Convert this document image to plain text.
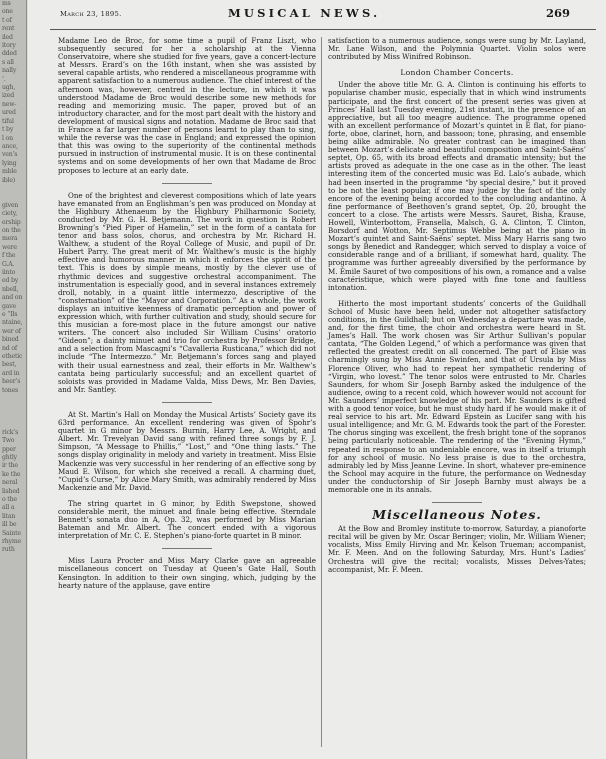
ms
one
t of
rent
iled
itory
dded
s all
nally
’.
ugh,
ized
new-
ured
tiful
t by
l on
ance,
ven’s
lying
mble
ible)

given
ciety,
ership
on the
mera
were
f the
G.A.
iinto
ed by
nbell,
and on
gave
e “Ils
ntaine,
wer of
bined
nd of
ethetic
best,
ard in
heer’s
tones

rick’s
Two
pper
ghtly
ir the
ke the
neral
lished
o the
all a
litan
ill be
Sainte
rhyme
ruth
March 23, 1895.	MUSICAL NEWS.	269

Madame Leo de Broc, for some time a pupil of Franz Liszt, who subsequently secured for her a scholarship at the Vienna Conservatoire, where she studied for five years, gave a concert-lecture at Messrs. Erard’s on the 16th instant, when she was assisted by several capable artists, who rendered a miscellaneous programme with apparent satisfaction to a numerous audience. The chief interest of the afternoon was, however, centred in the lecture, in which it was understood Madame de Broc would describe some new methods for reading and memorizing music. The paper, proved but of an introductory character, and for the most part dealt with the history and development of musical signs and notation. Madame de Broc said that in France a far larger number of persons learnt to play than to sing, while the reverse was the case in England; and expressed the opinion that this was owing to the superiority of the continental methods pursued in instruction of instrumental music. It is on these continental systems and on some developments of her own that Madame de Broc proposes to lecture at an early date.

One of the brightest and cleverest compositions which of late years have emanated from an Englishman’s pen was produced on Monday at the Highbury Athenaeum by the Highbury Philharmonic Society, conducted by Mr. G. H. Betjemann. The work in question is Robert Browning’s “Pied Piper of Hamelin,” set in the form of a cantata for tenor and bass solos, chorus, and orchestra by Mr. Richard H. Walthew, a student of the Royal College of Music, and pupil of Dr. Hubert Parry. The great merit of Mr. Walthew’s music is the highly effective and humorous manner in which it enforces the spirit of the text. This is does by simple means, mostly by the clever use of rhythmic devices and suggestive orchestral accompaniment. The instrumentation is especially good, and in several instances extremely droll, notably, in a quaint little intermezzo, descriptive of the “consternation” of the “Mayor and Corporation.” As a whole, the work displays an intuitive keenness of dramatic perception and power of expression which, with further cultivation and study, should secure for this musician a fore-most place in the future amongst our native writers. The concert also included Sir William Cusins’ oratorio “Gideon”; a dainty minuet and trio for orchestra by Professor Bridge, and a selection from Mascagni’s “Cavalleria Rusticana,” which did not include “The Intermezzo.” Mr. Betjemann’s forces sang and played with their usual earnestness and zeal, their efforts in Mr. Walthew’s cantata being particularly successful; and an excellent quartet of soloists was provided in Madame Valda, Miss Dews, Mr. Ben Davies, and Mr. Santley.

At St. Martin’s Hall on Monday the Musical Artists’ Society gave its 63rd performance. An excellent rendering was given of Spohr’s quartet in G minor by Messrs. Burnin, Harry Lee, A. Wright, and Albert. Mr. Trevelyan David sang with refined three songs by F. J. Simpson, “A Message to Phillis,” “Lost,” and “One thing lasts.” The songs display originality in melody and variety in treatment. Miss Elsie Mackenzie was very successful in her rendering of an effective song by Maud E. Wilson, for which she received a recall. A charming duet, “Cupid’s Curse,” by Alice Mary Smith, was admirably rendered by Miss Mackenzie and Mr. David.

The string quartet in G minor, by Edith Swepstone, showed considerable merit, the minuet and finale being effective. Sterndale Bennett’s sonata duo in A, Op. 32, was performed by Miss Marian Bateman and Mr. Albert. The concert ended with a vigorous interpretation of Mr. C. E. Stephen’s piano-forte quartet in B minor.

Miss Laura Procter and Miss Mary Clarke gave an agreeable miscellaneous concert on Tuesday at Queen’s Gate Hall, South Kensington. In addition to their own singing, which, judging by the hearty nature of the applause, gave entire

satisfaction to a numerous audience, songs were sung by Mr. Layland, Mr. Lane Wilson, and the Polymnia Quartet. Violin solos were contributed by Miss Winifred Robinson.

London Chamber Concerts.

Under the above title Mr. G. A. Clinton is continuing his efforts to popularise chamber music, especially that in which wind instruments participate, and the first concert of the present series was given at Princes’ Hall last Tuesday evening, 21st instant, in the presence of an appreciative, but all too meagre audience. The programme opened with an excellent performance of Mozart’s quintet in E flat, for piano-forte, oboe, clarinet, horn, and bassoon; tone, phrasing, and ensemble being alike admirable. No greater contrast can be imagined than between Mozart’s delicate and beautiful composition and Saint-Saëns’ septet, Op. 65, with its broad effects and dramatic intensity; but the artists proved as adequate in the one case as in the other. The least interesting item of the concerted music was Ed. Lalo’s aubade, which had been inserted in the programme “by special desire,” but it proved to be not the least popular, if one may judge by the fact of the only encore of the evening being accorded to the concluding andantino. A fine performance of Beethoven’s grand septet, Op. 20, brought the concert to a close. The artists were Messrs. Sauret, Bisha, Krause, Howell, Winterbottom, Fransella, Malsch, G. A. Clinton, T. Clinton, Borsdorf and Wotton, Mr. Septimus Webbe being at the piano in Mozart’s quintet and Saint-Saëns’ septet. Miss Mary Harris sang two songs by Benedict and Randegger, which served to display a voice of considerable range and of a brilliant, if somewhat hard, quality. The programme was further agreeably diversified by the performance by M. Émile Sauret of two compositions of his own, a romance and a valse caractéristique, which were played with fine tone and faultless intonation.

Hitherto the most important students’ concerts of the Guildhall School of Music have been held, under not altogether satisfactory conditions, in the Guildhall; but on Wednesday a departure was made, and, for the first time, the choir and orchestra were heard in St. James’s Hall. The work chosen was Sir Arthur Sullivan’s popular cantata, “The Golden Legend,” of which a performance was given that reflected the greatest credit on all concerned. The part of Elsie was charmingly sung by Miss Annie Swinfen, and that of Ursula by Miss Florence Oliver, who had to repeat her sympathetic rendering of “Virgin, who lovest.” The tenor solos were entrusted to Mr. Charles Saunders, for whom Sir Joseph Barnby asked the indulgence of the audience, owing to a recent cold, which however would not account for Mr. Saunders’ imperfect knowledge of his part. Mr. Saunders is gifted with a good tenor voice, but he must study hard if he would make it of real service to his art. Mr. Edward Epstein as Lucifer sang with his usual intelligence; and Mr. G. M. Edwards took the part of the Forester. The chorus singing was excellent, the fresh bright tone of the sopranos being particularly noticeable. The rendering of the “Evening Hymn,” repeated in response to an undeniable encore, was in itself a triumph for any school of music. No less praise is due to the orchestra, admirably led by Miss Jeanne Levine. In short, whatever pre-eminence the School may acquire in the future, the performance on Wednesday under the conductorship of Sir Joseph Barnby must always be a memorable one in its annals.

Miscellaneous Notes.

At the Bow and Bromley institute to-morrow, Saturday, a pianoforte recital will be given by Mr. Oscar Beringer; violin, Mr. William Wiener; vocalists, Miss Emily Hirving and Mr. Kelson Trueman; accompanist, Mr. F. Meen. And on the following Saturday, Mrs. Hunt’s Ladies’ Orchestra will give the recital; vocalists, Misses Delves-Yates; accompanist, Mr. F. Meen.
